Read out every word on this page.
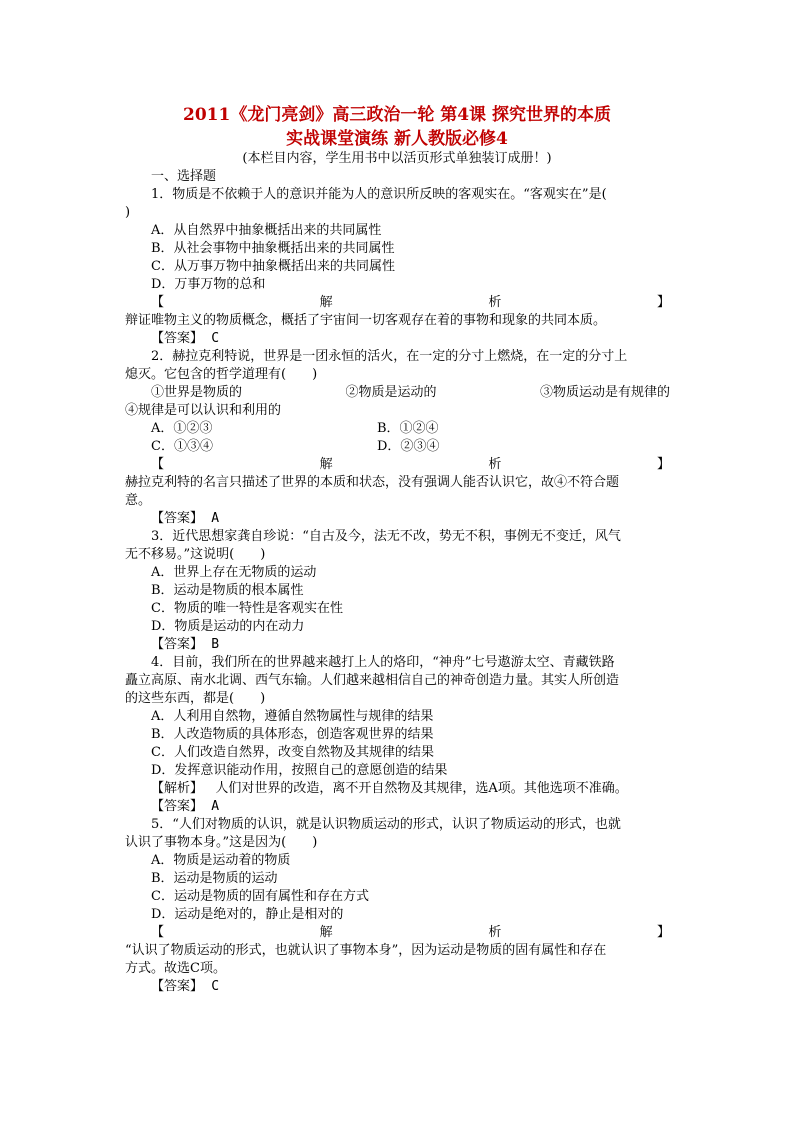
2011《龙门亮剑》高三政治一轮 第4课 探究世界的本质
实战课堂演练 新人教版必修4
(本栏目内容，学生用书中以活页形式单独装订成册！)
一、选择题
1．物质是不依赖于人的意识并能为人的意识所反映的客观实在。“客观实在”是(
)
A．从自然界中抽象概括出来的共同属性
B．从社会事物中抽象概括出来的共同属性
C．从万事万物中抽象概括出来的共同属性
D．万事万物的总和
【	解	析	】
辩证唯物主义的物质概念，概括了宇宙间一切客观存在着的事物和现象的共同本质。
【答案】 C
2．赫拉克利特说，世界是一团永恒的活火，在一定的分寸上燃烧，在一定的分寸上
熄灭。它包含的哲学道理有(　　)
①世界是物质的	②物质是运动的	③物质运动是有规律的
④规律是可以认识和利用的
A．①②③	B．①②④
C．①③④	D．②③④
【	解	析	】
赫拉克利特的名言只描述了世界的本质和状态，没有强调人能否认识它，故④不符合题
意。
【答案】 A
3．近代思想家龚自珍说：“自古及今，法无不改，势无不积，事例无不变迁，风气
无不移易。”这说明(　　)
A．世界上存在无物质的运动
B．运动是物质的根本属性
C．物质的唯一特性是客观实在性
D．物质是运动的内在动力
【答案】 B
4．目前，我们所在的世界越来越打上人的烙印，“神舟”七号遨游太空、青藏铁路
矗立高原、南水北调、西气东输。人们越来越相信自己的神奇创造力量。其实人所创造
的这些东西，都是(　　)
A．人利用自然物，遵循自然物属性与规律的结果
B．人改造物质的具体形态，创造客观世界的结果
C．人们改造自然界，改变自然物及其规律的结果
D．发挥意识能动作用，按照自己的意愿创造的结果
【解析】 人们对世界的改造，离不开自然物及其规律，选A项。其他选项不准确。
【答案】 A
5．“人们对物质的认识，就是认识物质运动的形式，认识了物质运动的形式，也就
认识了事物本身。”这是因为(　　)
A．物质是运动着的物质
B．运动是物质的运动
C．运动是物质的固有属性和存在方式
D．运动是绝对的，静止是相对的
【	解	析	】
“认识了物质运动的形式，也就认识了事物本身”，因为运动是物质的固有属性和存在
方式。故选C项。
【答案】 C
